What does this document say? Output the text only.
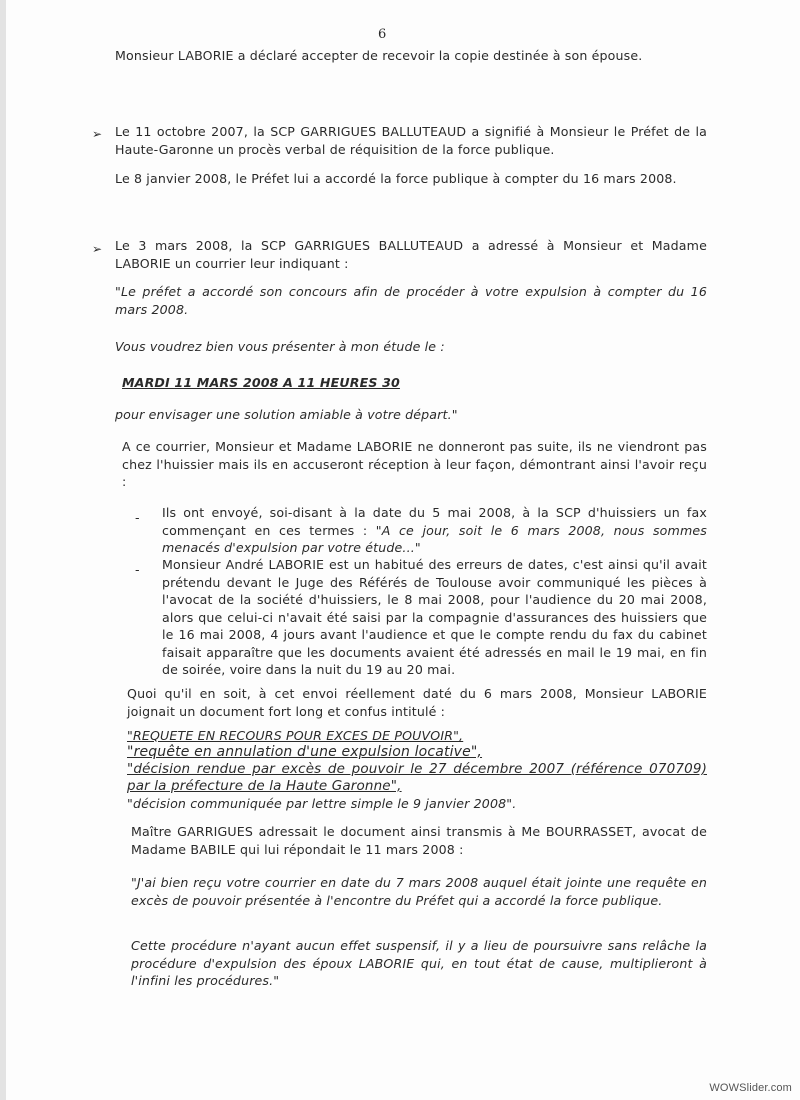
6
Monsieur LABORIE a déclaré accepter de recevoir la copie destinée à son épouse.
➢ Le 11 octobre 2007, la SCP GARRIGUES BALLUTEAUD a signifié à Monsieur le Préfet de la Haute-Garonne un procès verbal de réquisition de la force publique.
Le 8 janvier 2008, le Préfet lui a accordé la force publique à compter du 16 mars 2008.
➢ Le 3 mars 2008, la SCP GARRIGUES BALLUTEAUD a adressé à Monsieur et Madame LABORIE un courrier leur indiquant :
"Le préfet a accordé son concours afin de procéder à votre expulsion à compter du 16 mars 2008.
Vous voudrez bien vous présenter à mon étude le :
MARDI 11 MARS 2008 A 11 HEURES 30
pour envisager une solution amiable à votre départ."
A ce courrier, Monsieur et Madame LABORIE ne donneront pas suite, ils ne viendront pas chez l'huissier mais ils en accuseront réception à leur façon, démontrant ainsi l'avoir reçu :
- Ils ont envoyé, soi-disant à la date du 5 mai 2008, à la SCP d'huissiers un fax commençant en ces termes : "A ce jour, soit le 6 mars 2008, nous sommes menacés d'expulsion par votre étude..."
- Monsieur André LABORIE est un habitué des erreurs de dates, c'est ainsi qu'il avait prétendu devant le Juge des Référés de Toulouse avoir communiqué les pièces à l'avocat de la société d'huissiers, le 8 mai 2008, pour l'audience du 20 mai 2008, alors que celui-ci n'avait été saisi par la compagnie d'assurances des huissiers que le 16 mai 2008, 4 jours avant l'audience et que le compte rendu du fax du cabinet faisait apparaître que les documents avaient été adressés en mail le 19 mai, en fin de soirée, voire dans la nuit du 19 au 20 mai.
Quoi qu'il en soit, à cet envoi réellement daté du 6 mars 2008, Monsieur LABORIE joignait un document fort long et confus intitulé :
"REQUETE EN RECOURS POUR EXCES DE POUVOIR",
"requête en annulation d'une expulsion locative",
"décision rendue par excès de pouvoir le 27 décembre 2007 (référence 070709) par la préfecture de la Haute Garonne",
"décision communiquée par lettre simple le 9 janvier 2008".
Maître GARRIGUES adressait le document ainsi transmis à Me BOURRASSET, avocat de Madame BABILE qui lui répondait le 11 mars 2008 :
"J'ai bien reçu votre courrier en date du 7 mars 2008 auquel était jointe une requête en excès de pouvoir présentée à l'encontre du Préfet qui a accordé la force publique.
Cette procédure n'ayant aucun effet suspensif, il y a lieu de poursuivre sans relâche la procédure d'expulsion des époux LABORIE qui, en tout état de cause, multiplieront à l'infini les procédures."
WOWSlider.com
